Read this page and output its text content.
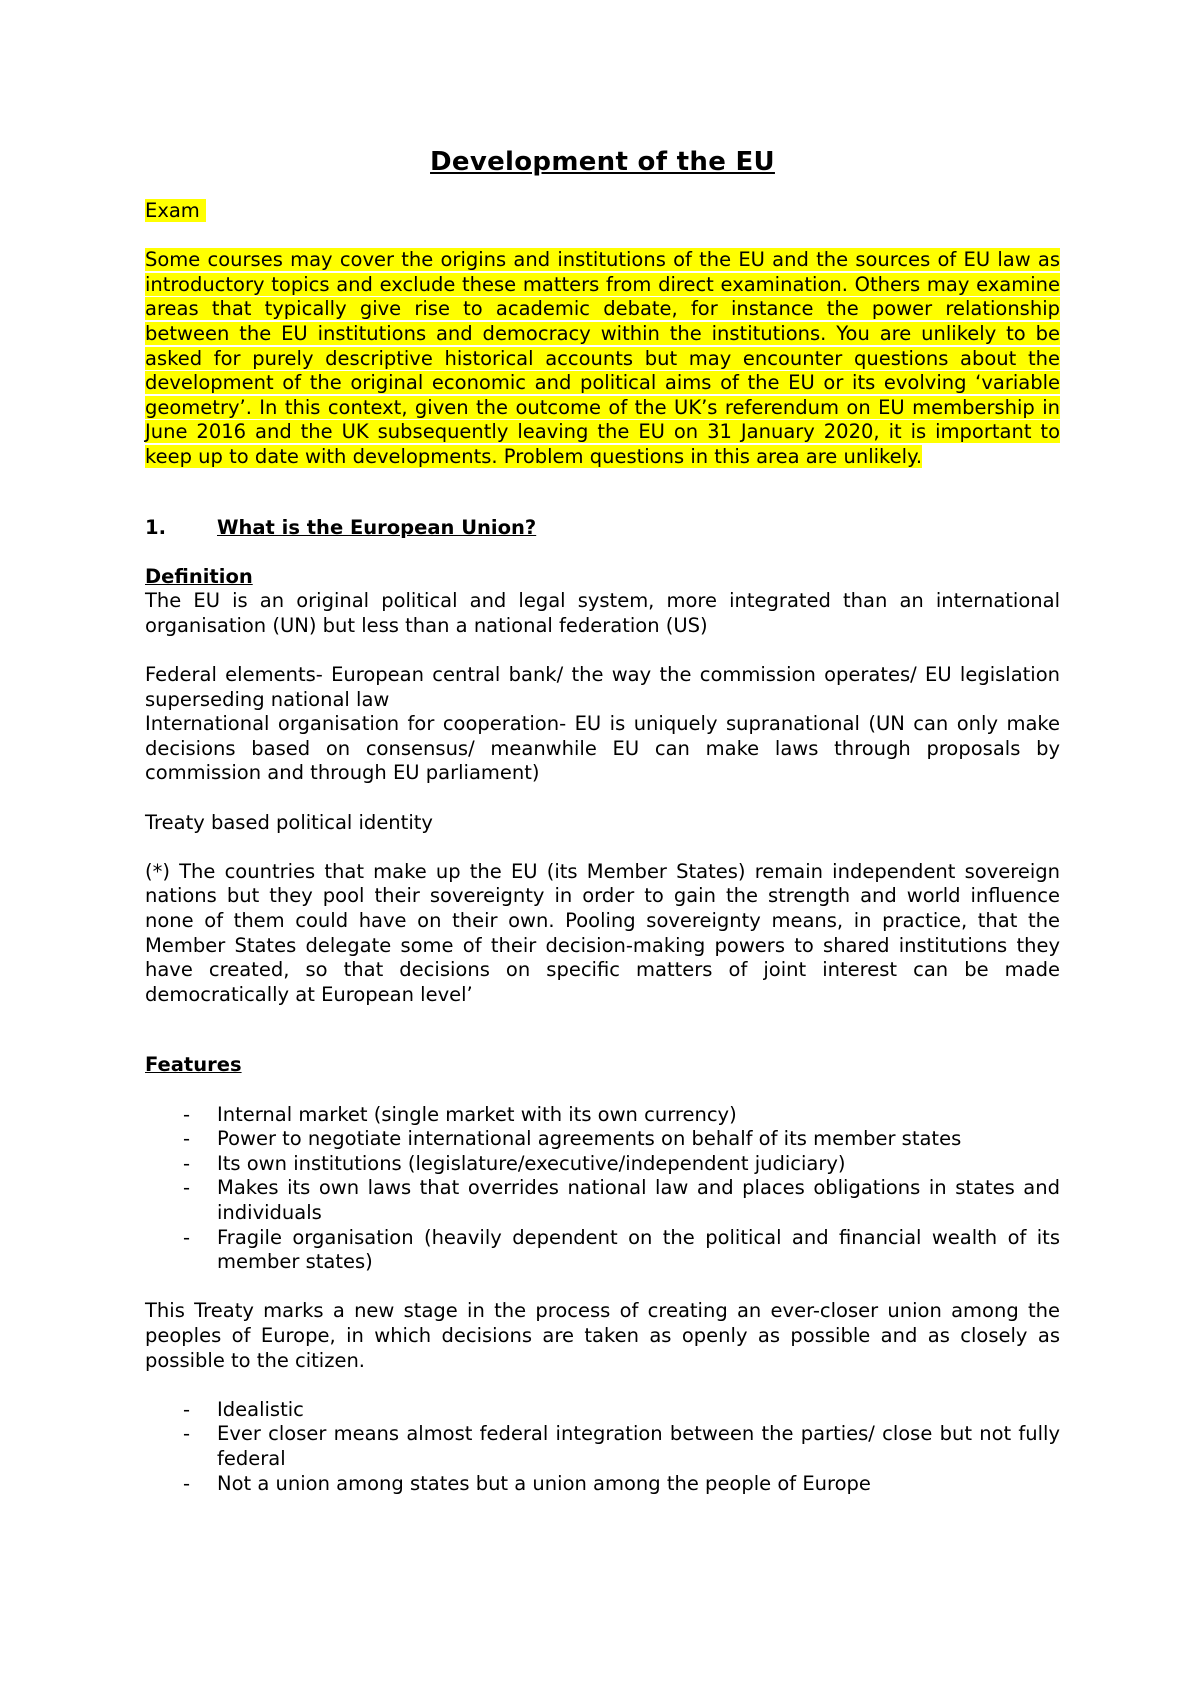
Development of the EU

Exam

Some courses may cover the origins and institutions of the EU and the sources of EU law as introductory topics and exclude these matters from direct examination. Others may examine areas that typically give rise to academic debate, for instance the power relationship between the EU institutions and democracy within the institutions. You are unlikely to be asked for purely descriptive historical accounts but may encounter questions about the development of the original economic and political aims of the EU or its evolving ‘variable geometry’. In this context, given the outcome of the UK’s referendum on EU membership in June 2016 and the UK subsequently leaving the EU on 31 January 2020, it is important to keep up to date with developments. Problem questions in this area are unlikely.

1.	What is the European Union?

Definition

The EU is an original political and legal system, more integrated than an international organisation (UN) but less than a national federation (US)

Federal elements- European central bank/ the way the commission operates/ EU legislation superseding national law

International organisation for cooperation- EU is uniquely supranational (UN can only make decisions based on consensus/ meanwhile EU can make laws through proposals by commission and through EU parliament)

Treaty based political identity

(*) The countries that make up the EU (its Member States) remain independent sovereign nations but they pool their sovereignty in order to gain the strength and world influence none of them could have on their own. Pooling sovereignty means, in practice, that the Member States delegate some of their decision-making powers to shared institutions they have created, so that decisions on specific matters of joint interest can be made democratically at European level’

Features

- Internal market (single market with its own currency)
- Power to negotiate international agreements on behalf of its member states
- Its own institutions (legislature/executive/independent judiciary)
- Makes its own laws that overrides national law and places obligations in states and individuals
- Fragile organisation (heavily dependent on the political and financial wealth of its member states)

This Treaty marks a new stage in the process of creating an ever-closer union among the peoples of Europe, in which decisions are taken as openly as possible and as closely as possible to the citizen.

- Idealistic
- Ever closer means almost federal integration between the parties/ close but not fully federal
- Not a union among states but a union among the people of Europe
